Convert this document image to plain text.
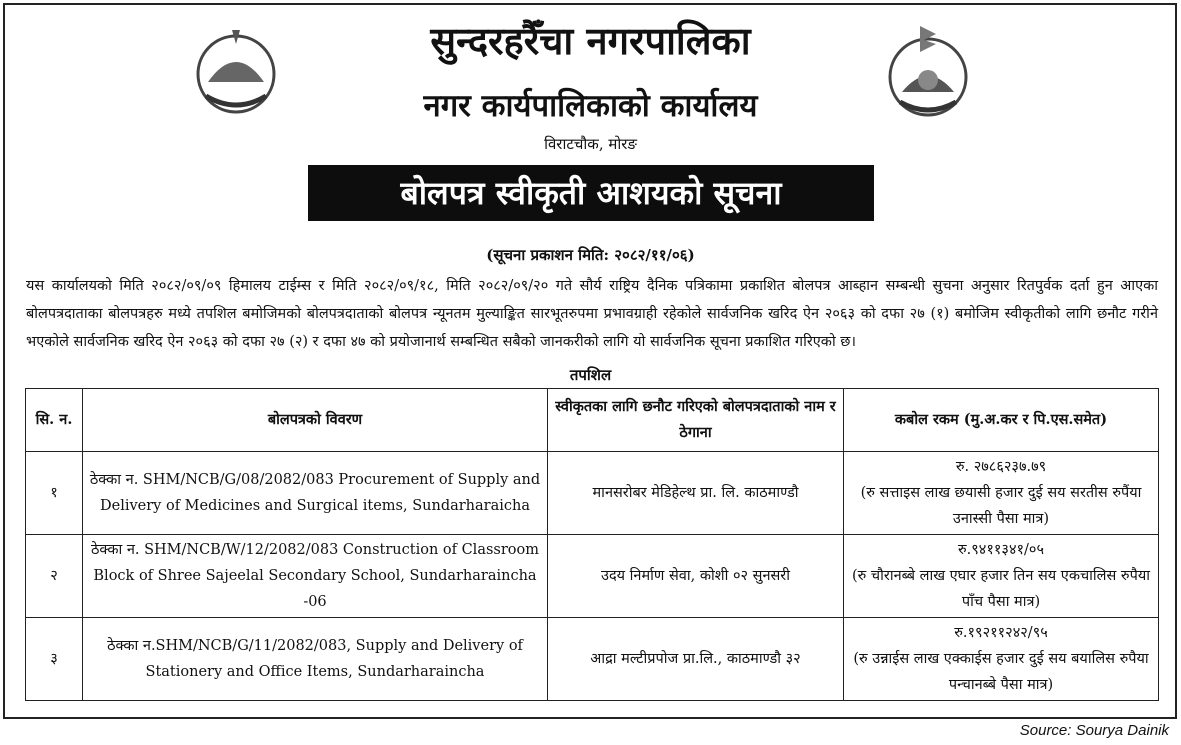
सुन्दरहरैँचा नगरपालिका
नगर कार्यपालिकाको कार्यालय
विराटचौक, मोरङ
बोलपत्र स्वीकृती आशयको सूचना
(सूचना प्रकाशन मिति: २०८२/११/०६)
यस कार्यालयको मिति २०८२/०९/०९ हिमालय टाईम्स र मिति २०८२/०९/१८, मिति २०८२/०९/२० गते सौर्य राष्ट्रिय दैनिक पत्रिकामा प्रकाशित बोलपत्र आब्हान सम्बन्धी सुचना अनुसार रितपुर्वक दर्ता हुन आएका बोलपत्रदाताका बोलपत्रहरु मध्ये तपशिल बमोजिमको बोलपत्रदाताको बोलपत्र न्यूनतम मुल्याङ्कित सारभूतरुपमा प्रभावग्राही रहेकोले सार्वजनिक खरिद ऐन २०६३ को दफा २७ (१) बमोजिम स्वीकृतीको लागि छनौट गरीने भएकोले सार्वजनिक खरिद ऐन २०६३ को दफा २७ (२) र दफा ४७ को प्रयोजानार्थ सम्बन्धित सबैको जानकरीको लागि यो सार्वजनिक सूचना प्रकाशित गरिएको छ।
तपशिल
सि. न.	बोलपत्रको विवरण	स्वीकृतका लागि छनौट गरिएको बोलपत्रदाताको नाम र ठेगाना	कबोल रकम (मु.अ.कर र पि.एस.समेत)
१	ठेक्का न. SHM/NCB/G/08/2082/083 Procurement of Supply and Delivery of Medicines and Surgical items, Sundarharaicha	मानसरोबर मेडिहेल्थ प्रा. लि. काठमाण्डौ	रु. २७८६२३७.७९
(रु सत्ताइस लाख छयासी हजार दुई सय सरतीस रुपैंया उनास्सी पैसा मात्र)

२	ठेक्का न. SHM/NCB/W/12/2082/083 Construction of Classroom Block of Shree Sajeelal Secondary School, Sundarharaincha -06	उदय निर्माण सेवा, कोशी ०२ सुनसरी	रु.९४११३४१/०५
(रु चौरानब्बे लाख एघार हजार तिन सय एकचालिस रुपैया पाँच पैसा मात्र)

३	ठेक्का न.SHM/NCB/G/11/2082/083, Supply and Delivery of Stationery and Office Items, Sundarharaincha	आद्रा मल्टीप्रपोज प्रा.लि., काठमाण्डौ ३२	रु.१९२११२४२/९५
(रु उन्नाईस लाख एक्काईस हजार दुई सय बयालिस रुपैया पन्चानब्बे पैसा मात्र)
Source: Sourya Dainik
